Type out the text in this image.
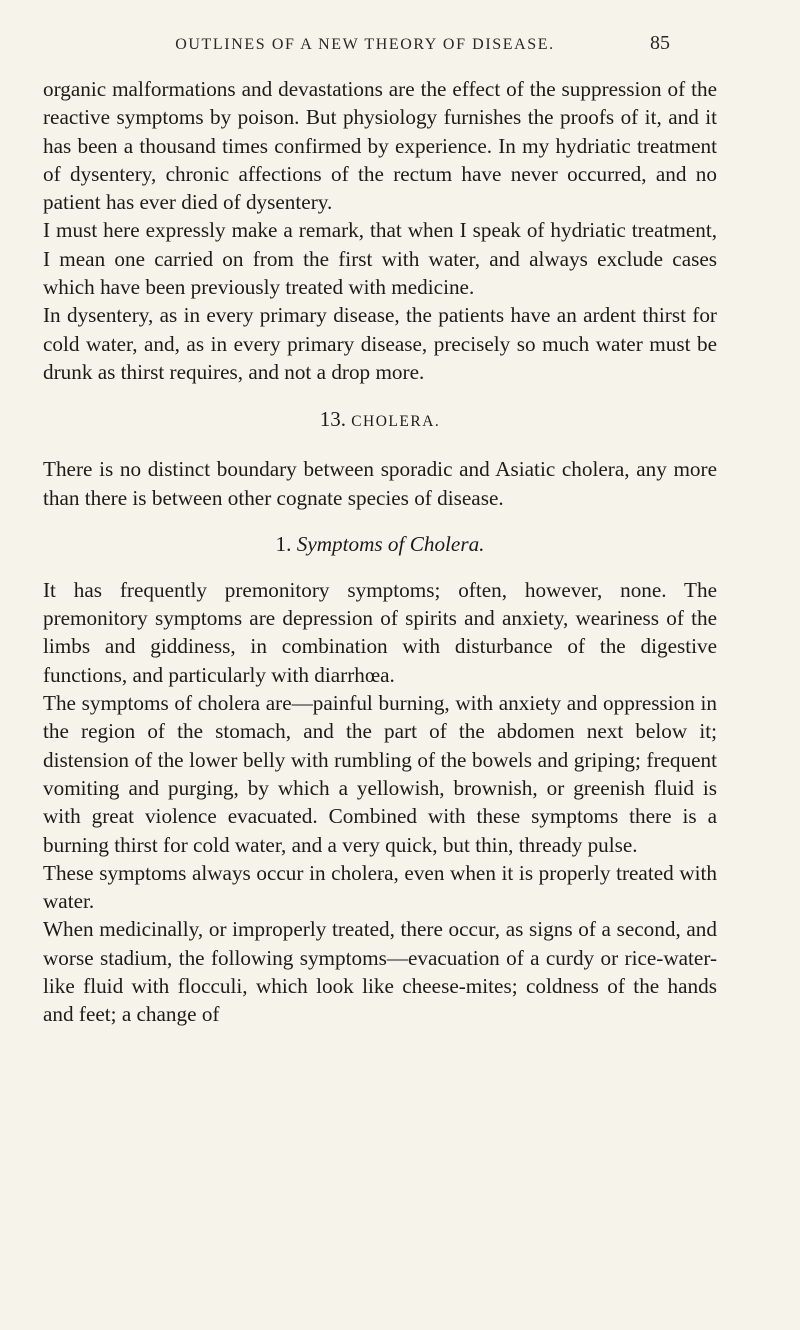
OUTLINES OF A NEW THEORY OF DISEASE.	85

organic malformations and devastations are the effect of the suppression of the reactive symptoms by poison. But physiology furnishes the proofs of it, and it has been a thousand times confirmed by experience. In my hydriatic treatment of dysentery, chronic affections of the rectum have never occurred, and no patient has ever died of dysentery.

I must here expressly make a remark, that when I speak of hydriatic treatment, I mean one carried on from the first with water, and always exclude cases which have been previously treated with medicine.

In dysentery, as in every primary disease, the patients have an ardent thirst for cold water, and, as in every primary disease, precisely so much water must be drunk as thirst requires, and not a drop more.

13. CHOLERA.

There is no distinct boundary between sporadic and Asiatic cholera, any more than there is between other cognate species of disease.

1. Symptoms of Cholera.

It has frequently premonitory symptoms; often, however, none. The premonitory symptoms are depression of spirits and anxiety, weariness of the limbs and giddiness, in combination with disturbance of the digestive functions, and particularly with diarrhœa.

The symptoms of cholera are—painful burning, with anxiety and oppression in the region of the stomach, and the part of the abdomen next below it; distension of the lower belly with rumbling of the bowels and griping; frequent vomiting and purging, by which a yellowish, brownish, or greenish fluid is with great violence evacuated. Combined with these symptoms there is a burning thirst for cold water, and a very quick, but thin, thready pulse.

These symptoms always occur in cholera, even when it is properly treated with water.

When medicinally, or improperly treated, there occur, as signs of a second, and worse stadium, the following symptoms—evacuation of a curdy or rice-water-like fluid with flocculi, which look like cheese-mites; coldness of the hands and feet; a change of
